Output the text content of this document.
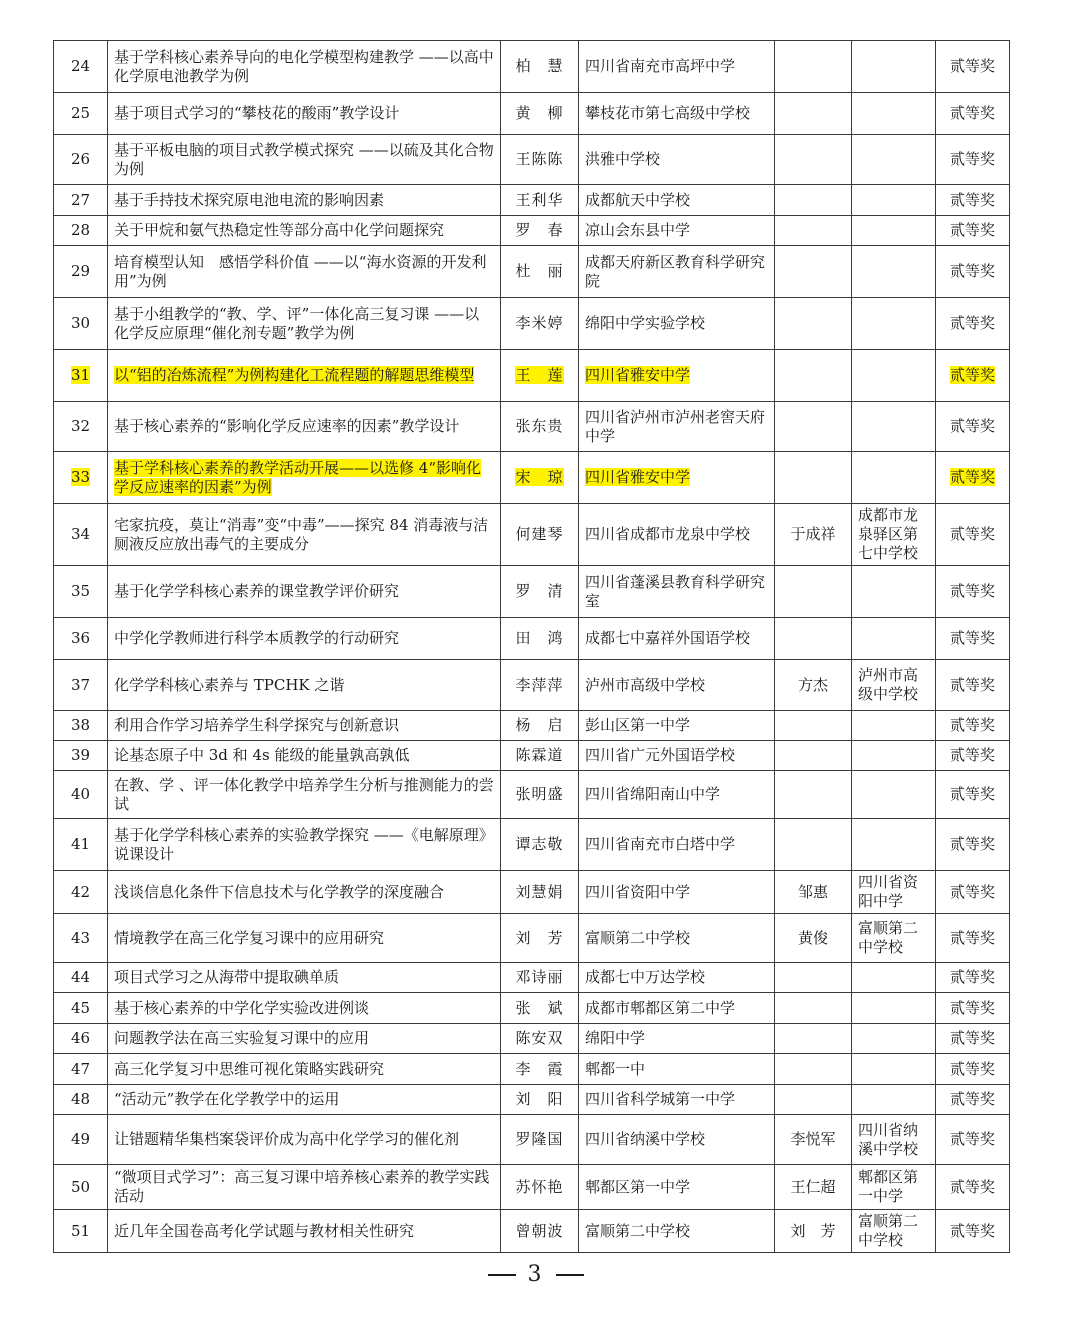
24	基于学科核心素养导向的电化学模型构建教学 ——以高中化学原电池教学为例	柏　慧	四川省南充市高坪中学			贰等奖
25	基于项目式学习的“攀枝花的酸雨”教学设计	黄　柳	攀枝花市第七高级中学校			贰等奖
26	基于平板电脑的项目式教学模式探究 ——以硫及其化合物为例	王陈陈	洪雅中学校			贰等奖
27	基于手持技术探究原电池电流的影响因素	王利华	成都航天中学校			贰等奖
28	关于甲烷和氨气热稳定性等部分高中化学问题探究	罗　春	凉山会东县中学			贰等奖
29	培育模型认知　感悟学科价值 ——以“海水资源的开发利用”为例	杜　丽	成都天府新区教育科学研究院			贰等奖
30	基于小组教学的“教、学、评”一体化高三复习课 ——以化学反应原理“催化剂专题”教学为例	李米婷	绵阳中学实验学校			贰等奖
31	以“铝的冶炼流程”为例构建化工流程题的解题思维模型	王　莲	四川省雅安中学			贰等奖
32	基于核心素养的“影响化学反应速率的因素”教学设计	张东贵	四川省泸州市泸州老窖天府中学			贰等奖
33	基于学科核心素养的教学活动开展——以选修 4“影响化学反应速率的因素”为例	宋　琼	四川省雅安中学			贰等奖
34	宅家抗疫，莫让“消毒”变“中毒”——探究 84 消毒液与洁厕液反应放出毒气的主要成分	何建琴	四川省成都市龙泉中学校	于成祥	成都市龙泉驿区第七中学校	贰等奖
35	基于化学学科核心素养的课堂教学评价研究	罗　清	四川省蓬溪县教育科学研究室			贰等奖
36	中学化学教师进行科学本质教学的行动研究	田　鸿	成都七中嘉祥外国语学校			贰等奖
37	化学学科核心素养与 TPCHK 之谐	李萍萍	泸州市高级中学校	方杰	泸州市高级中学校	贰等奖
38	利用合作学习培养学生科学探究与创新意识	杨　启	彭山区第一中学			贰等奖
39	论基态原子中 3d 和 4s 能级的能量孰高孰低	陈霖道	四川省广元外国语学校			贰等奖
40	在教、学 、评一体化教学中培养学生分析与推测能力的尝试	张明盛	四川省绵阳南山中学			贰等奖
41	基于化学学科核心素养的实验教学探究 ——《电解原理》说课设计	谭志敬	四川省南充市白塔中学			贰等奖
42	浅谈信息化条件下信息技术与化学教学的深度融合	刘慧娟	四川省资阳中学	邹惠	四川省资阳中学	贰等奖
43	情境教学在高三化学复习课中的应用研究	刘　芳	富顺第二中学校	黄俊	富顺第二中学校	贰等奖
44	项目式学习之从海带中提取碘单质	邓诗丽	成都七中万达学校			贰等奖
45	基于核心素养的中学化学实验改进例谈	张　斌	成都市郫都区第二中学			贰等奖
46	问题教学法在高三实验复习课中的应用	陈安双	绵阳中学			贰等奖
47	高三化学复习中思维可视化策略实践研究	李　霞	郫都一中			贰等奖
48	“活动元”教学在化学教学中的运用	刘　阳	四川省科学城第一中学			贰等奖
49	让错题精华集档案袋评价成为高中化学学习的催化剂	罗隆国	四川省纳溪中学校	李悦军	四川省纳溪中学校	贰等奖
50	“微项目式学习”：高三复习课中培养核心素养的教学实践活动	苏怀艳	郫都区第一中学	王仁超	郫都区第一中学	贰等奖
51	近几年全国卷高考化学试题与教材相关性研究	曾朝波	富顺第二中学校	刘　芳	富顺第二中学校	贰等奖
3
